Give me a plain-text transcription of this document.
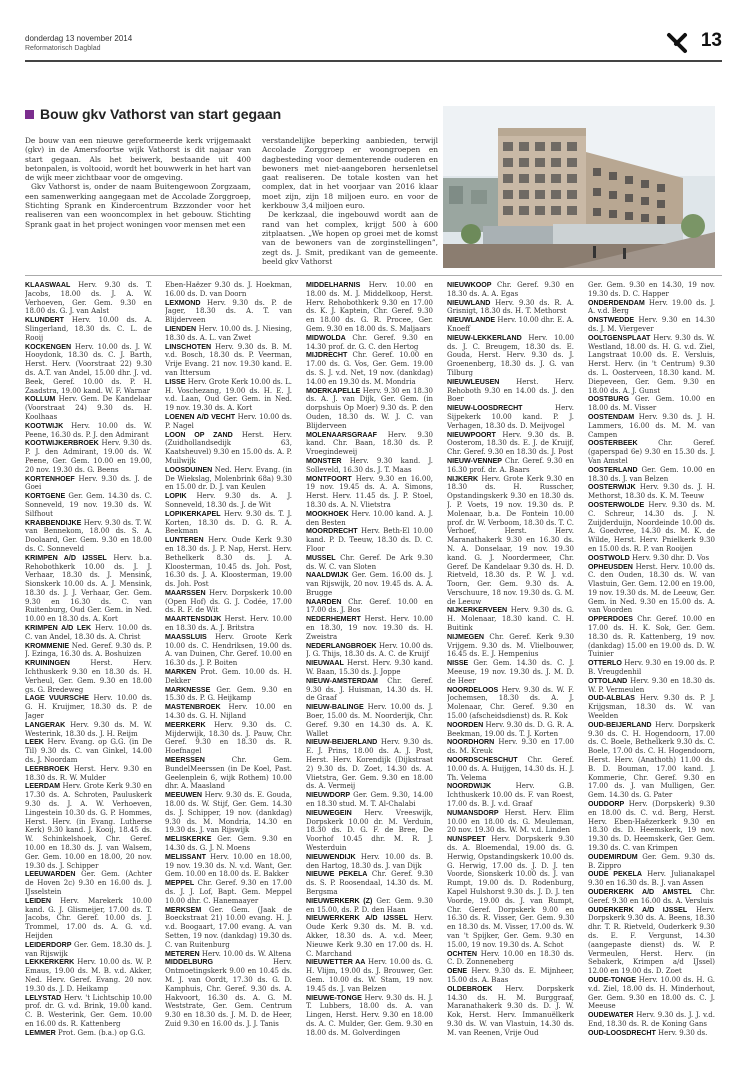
donderdag 13 november 2014
Reformatorisch Dagblad	13
Bouw gkv Vathorst van start gegaan

De bouw van een nieuwe gereformeerde kerk vrijgemaakt (gkv) in de Amersfoortse wijk Vathorst is dit najaar van start gegaan. Als het beiwerk, bestaande uit 400 betonpalen, is voltooid, wordt het bouwwerk in het hart van de wijk meer zichtbaar voor de omgeving.

Gkv Vathorst is, onder de naam Buitengewoon Zorgzaam, een samenwerking aangegaan met de Accolade Zorggroep, Stichting Sprank en Kindercentrum Bzzzonder voor het realiseren van een wooncomplex in het gebouw. Stichting Sprank gaat in het project woningen voor mensen met een

verstandelijke beperking aanbieden, terwijl Accolade Zorggroep er woongroepen en dagbesteding voor dementerende ouderen en bewoners met niet-aangeboren hersenletsel gaat realiseren. De totale kosten van het complex, dat in het voorjaar van 2016 klaar moet zijn, zijn 18 miljoen euro. en voor de kerkbouw 3,4 miljoen euro.

De kerkzaal, die ingebouwd wordt aan de rand van het complex, krijgt 500 à 600 zitplaatsen. „We hopen op groei met de komst van de bewoners van de zorginstellingen”, zegt ds. J. Smit, predikant van de gemeente. beeld gkv Vathorst

KLAASWAAL Herv. 9.30 ds. T. Jacobs, 18.00 ds. J. A. W. Verhoeven, Ger. Gem. 9.30 en 18.00 ds. G. J. van Aalst

KLUNDERT Herv. 10.00 ds. A. Slingerland, 18.30 ds. C. L. de Rooij

KOCKENGEN Herv. 10.00 ds. J. W. Hooydonk, 18.30 ds. C. J. Barth, Herst. Herv. (Voorstraat 22) 9.30 ds. A.T. van Andel, 15.00 dhr. J. vd. Beek, Geref. 10.00 ds. P. H. Zaadstra, 19.00 kand. W. F. Warnar

KOLLUM Herv. Gem. De Kandelaar (Voorstraat 24) 9.30 ds. H. Koolhaas

KOOTWIJK Herv. 10.00 ds. W. Peene, 16.30 ds. P. J. den Admirant

KOOTWIJKERBROEK Herv. 9.30 ds. P. J. den Admirant, 19.00 ds. W. Peene, Ger. Gem. 10.00 en 19.00, 20 nov. 19.30 ds. G. Beens

KORTENHOEF Herv. 9.30 ds. J. de Goei

KORTGENE Ger. Gem. 14.30 ds. C. Sonneveld, 19 nov. 19.30 ds. W. Silfhout

KRABBENDIJKE Herv. 9.30 ds. T. W. van Bennekom, 18.00 ds. S. A. Doolaard, Ger. Gem. 9.30 en 18.00 ds. C. Sonneveld

KRIMPEN A/D IJSSEL Herv. b.a. Rehobothkerk 10.00 ds. J. J. Verhaar, 18.30 ds. J. Mensink, Sionskerk 10.00 ds. A. J. Mensink, 18.30 ds. J. J. Verhaar, Ger. Gem. 9.30 en 16.30 ds. C. van Ruitenburg, Oud Ger. Gem. in Ned. 10.00 en 18.30 ds. A. Kort

KRIMPEN A/D LEK Herv. 10.00 ds. C. van Andel, 18.30 ds. A. Christ

KROMMENIE Ned. Geref. 9.30 ds. P. J. Ezinga, 16.30 ds. A. Boshuizen

KRUININGEN	Herst. Herv. Ichthuskerk 9.30 en 18.30 ds. H. Verheul, Ger. Gem. 9.30 en 18.00 gs. G. Bredeweg

LAGE VUURSCHE Herv. 10.00 ds. G. H. Kruijmer, 18.30 ds. P. de Jager

LANGERAK Herv. 9.30 ds. M. W. Westerink, 18.30 ds. J. H. Reijm

LEEK Herv. Evang. op G.G. (in De Til) 9.30 ds. C. van Ginkel, 14.00 ds. J. Noordam

LEERBROEK Herst. Herv. 9.30 en 18.30 ds. R. W. Mulder

LEERDAM Herv. Grote Kerk 9.30 en 17.30 ds. A. Schroten, Pauluskerk 9.30 ds. J. A. W. Verhoeven, Lingestein 10.30 ds. G. P. Hommes, Herst. Herv. (in Evang. Lutherse Kerk) 9.30 kand. J. Kooij, 18.45 ds. W. Schinkelshoek, Chr. Geref. 10.00 en 18.30 ds. J. van Walsem, Ger. Gem. 10.00 en 18.00, 20 nov. 19.30 ds. J. Schipper

LEEUWARDEN Ger. Gem. (Achter de Hoven 2c) 9.30 en 16.00 ds. J. IJsselstein

LEIDEN Herv. Marekerk 10.00 kand. G. J. Glismeijer, 17.00 ds. T. Jacobs, Chr. Geref. 10.00 ds. J. Trommel, 17.00 ds. A. G. v.d. Heijden

LEIDERDORP Ger. Gem. 18.30 ds. J. van Rijswijk

LEKKERKERK Herv. 10.00 ds. W. P. Emaus, 19.00 ds. M. B. v.d. Akker, Ned. Herv. Geref. Evang. 20 nov. 19.30 ds. J. D. Heikamp

LELYSTAD Herv. 't Lichtschip 10.00 prof. dr. G. v.d. Brink, 19.00 kand. C. B. Westerink, Ger. Gem. 10.00 en 16.00 ds. R. Kattenberg

LEMMER Prot. Gem. (b.a.) op G.G.

Eben-Haëzer 9.30 ds. J. Hoekman, 16.00 ds. D. van Doorn

LEXMOND Herv. 9.30 ds. P. de Jager, 18.30 ds. A. T. van Blijderveen

LIENDEN Herv. 10.00 ds. J. Niesing, 18.30 ds. A. L. van Zwet

LINSCHOTEN Herv. 9.30 ds. B. M. v.d. Bosch, 18.30 ds. P. Veerman, Vrije Evang. 21 nov. 19.30 kand. E. van Ittersum

LISSE Herv. Grote Kerk 10.00 ds. L. H. Voschezang, 19.00 ds. H. E. J. v.d. Laan, Oud Ger. Gem. in Ned. 19 nov. 19.30 ds. A. Kort

LOENEN A/D VECHT Herv. 10.00 ds. P. Nagel

LOON OP ZAND Herst. Herv. (Zuidhollandsedijk 63, Kaatsheuvel) 9.30 en 15.00 ds. A. P. Muilwijk

LOOSDUINEN Ned. Herv. Evang. (in De Wiekslag, Molenbrink 68a) 9.30 en 15.00 dr. D. J. van Keulen

LOPIK Herv. 9.30 ds. A. J. Sonneveld, 18.30 ds. J. de Wit

LOPIKERKAPEL Herv. 9.30 ds. T. J. Korten, 18.30 ds. D. G. R. A. Beekman

LUNTEREN Herv. Oude Kerk 9.30 en 18.30 ds. J. P. Nap, Herst. Herv. Bethelkerk 8.30 ds. J. A. Kloosterman, 10.45 ds. Joh. Post, 16.30 ds. J. A. Kloosterman, 19.00 ds. Joh. Post

MAARSSEN Herv. Dorpskerk 10.00 (Open Hof) ds. G. J. Codée, 17.00 ds. R. F. de Wit

MAARTENSDIJK Herst. Herv. 10.00 en 18.30 ds. A. J. Britstra

MAASSLUIS Herv. Groote Kerk 10.00 ds. C. Hendriksen, 19.00 ds. A. van Duinen, Chr. Geref. 10.00 en 16.30 ds. J. P. Boiten

MARKEN Prot. Gem. 10.00 ds. H. Dekker

MARKNESSE Ger. Gem. 9.30 en 15.30 ds. P. G. Heijkamp

MASTENBROEK Herv. 10.00 en 14.30 ds. G. H. Nijland

MEERKERK Herv. 9.30 ds. C. Mijderwijk, 18.30 ds. J. Pauw, Chr. Geref. 9.30 en 18.30 ds. R. Hoefnagel

MEERSSEN	Chr. Gem. BundelMeerssen (in De Koel, Past. Geelenplein 6, wijk Rothem) 10.00 dhr. A. Maasland

MEEUWEN Herv. 9.30 ds. E. Gouda, 18.00 ds. W. Stijf, Ger. Gem. 14.30 ds. J. Schipper, 19 nov. (dankdag) 9.30 ds. M. Mondria, 14.30 en 19.30 ds. J. van Rijswijk

MELISKERKE Ger. Gem. 9.30 en 14.30 ds. G. J. N. Moens

MELISSANT Herv. 10.00 en 18.00, 19 nov. 19.30 ds. N. v.d. Want, Ger. Gem. 10.00 en 18.00 ds. E. Bakker

MEPPEL Chr. Geref. 9.30 en 17.00 ds. J. J. Lof, Bapt. Gem. Meppel 10.00 dhr. C. Hanemaayer

MERKSEM Ger. Gem. (Jaak de Boeckstraat 21) 10.00 evang. H. J. v.d. Boogaart, 17.00 evang. A. van Setten, 19 nov. (dankdag) 19.30 ds. C. van Ruitenburg

METEREN Herv. 10.00 ds. W. Altena

MIDDELBURG	Herv. Ontmoetingskerk 9.00 en 10.45 ds. M. J. van Oordt, 17.30 ds. G. D. Kamphuis, Chr. Geref. 9.30 ds. A. Hakvoort, 16.30 ds. A. G. M. Weststrate, Ger. Gem. Centrum 9.30 en 18.30 ds. J. M. D. de Heer, Zuid 9.30 en 16.00 ds. J. J. Tanis

MIDDELHARNIS Herv. 10.00 en 18.00 ds. M. J. Middelkoop, Herst. Herv. Rehobothkerk 9.30 en 17.00 ds. K. J. Kaptein, Chr. Geref. 9.30 en 18.00 ds. G. R. Procee, Ger. Gem. 9.30 en 18.00 ds. S. Maljaars

MIDWOLDA Chr. Geref. 9.30 en 14.30 prof. dr. G. C. den Hertog

MIJDRECHT Chr. Geref. 10.00 en 17.00 ds. G. Vos, Ger. Gem. 19.00 ds. S. J. v.d. Net, 19 nov. (dankdag) 14.00 en 19.30 ds. M. Mondria

MOERKAPELLE Herv. 9.30 en 18.30 ds. A. J. van Dijk, Ger. Gem. (in dorpshuis Op Moer) 9.30 ds. P. den Ouden, 18.30 ds. W. J. C. van Blijderveen

MOLENAARSGRAAF Herv. 9.30 kand. Chr. Baan, 18.30 ds. P. Vroegindeweij

MONSTER Herv. 9.30 kand. J. Solleveld, 16.30 ds. J. T. Maas

MONTFOORT Herv. 9.30 en 16.00, 19 nov. 19.45 ds. A. A. Simons, Herst. Herv. 11.45 ds. J. P. Stoel, 18.30 ds. A. N. Vlietstra

MOOKHOEK Herv. 10.00 kand. A. J. den Besten

MOORDRECHT Herv. Beth-El 10.00 kand. P. D. Teeuw, 18.30 ds. D. C. Floor

MUSSEL Chr. Geref. De Ark 9.30 ds. W. C. van Sloten

NAALDWIJK Ger. Gem. 16.00 ds. J. van Rijswijk, 20 nov. 19.45 ds. A. A. Brugge

NAARDEN Chr. Geref. 10.00 en 17.00 ds. J. Bos

NEDERHEMERT Herst. Herv. 10.00 en 18.30, 19 nov. 19.30 ds. H. Zweistra

NEDERLANGBROEK Herv. 10.00 ds. J. G. Thijs, 18.30 ds. A. C. de Kruijf

NIEUWAAL Herst. Herv. 9.30 kand. W. Baan, 15.30 ds. J. Joppe

NIEUW-AMSTERDAM Chr. Geref. 9.30 ds. J. Huisman, 14.30 ds. H. de Graaf

NIEUW-BALINGE Herv. 10.00 ds. J. Boer, 15.00 ds. M. Noorderijk, Chr. Geref. 9.30 en 14.30 ds. A. K. Wallet

NIEUW-BEIJERLAND Herv. 9.30 ds. E. J. Prins, 18.00 ds. A. J. Post, Herst. Herv. Korendijk (Dijkstraat 2) 9.30 ds. D. Zoet, 14.30 ds. A. Vlietstra, Ger. Gem. 9.30 en 18.00 ds. A. Vermeij

NIEUWDORP Ger. Gem. 9.30, 14.00 en 18.30 stud. M. T. Al-Chalabi

NIEUWEGEIN Herv. Vreeswijk, Dorpskerk 10.00 dr. M. Verduin, 18.30 ds. D. G. F. de Bree, De Voorhof 10.45 dhr. M. R. J. Westerduin

NIEUWENDIJK Herv. 10.00 ds. B. den Hartog, 18.30 ds. J. van Dijk

NIEUWE PEKELA Chr. Geref. 9.30 ds. S. P. Roosendaal, 14.30 ds. M. Bergsma

NIEUWERKERK (Z) Ger. Gem. 9.30 en 15.00, ds. P. D. den Haan

NIEUWERKERK A/D IJSSEL Herv. Oude Kerk 9.30 ds. M. B. v.d. Akker, 18.30 ds. A. v.d. Meer, Nieuwe Kerk 9.30 en 17.00 ds. H. C. Marchand

NIEUWETTER AA Herv. 10.00 ds. G. H. Vlijm, 19.00 ds. J. Brouwer, Ger. Gem. 10.00 ds. W. Stam, 19 nov. 19.45 ds. J. van Belzen

NIEUWE-TONGE Herv. 9.30 ds. H. J. T. Lubbers, 18.00 ds. A. van Lingen, Herst. Herv. 9.30 en 18.00 ds. A. C. Mulder, Ger. Gem. 9.30 en 18.00 ds. M. Golverdingen

NIEUWKOOP Chr. Geref. 9.30 en 18.30 ds. A. A. Egas

NIEUWLAND Herv. 9.30 ds. R. A. Grisnigt, 18.30 ds. H. T. Methorst

NIEUWLANDE Herv. 10.00 dhr. E. A. Knoeff

NIEUW-LEKKERLAND Herv. 10.00 ds. J. C. Breugem, 18.30 ds. E. Gouda, Herst. Herv. 9.30 ds. J. Groenenberg, 18.30 ds. J. G. van Tilburg

NIEUWLEUSEN Herst. Herv. Rehoboth 9.30 en 14.00 ds. J. den Boer

NIEUW-LOOSDRECHT	Herv. Sijpekerk 10.00 kand. P. J. Verhagen, 18.30 ds. D. Meijvogel

NIEUWPOORT Herv. 9.30 ds. B. Oosterom, 18.30 ds. E. J. de Kruijf, Chr. Geref. 9.30 en 18.30 ds. J. Post

NIEUW-VENNEP Chr. Geref. 9.30 en 16.30 prof. dr. A. Baars

NIJKERK Herv. Grote Kerk 9.30 en 18.30 ds. H. Russcher, Opstandingskerk 9.30 en 18.30 ds. J. P. Voets, 19 nov. 19.30 ds. P. Molenaar, b.a. De Fontein 10.00 prof. dr. W. Verboom, 18.30 ds. T. C. Verhoef, Herst. Herv. Maranathakerk 9.30 en 16.30 ds. N. A. Donselaar, 19 nov. 19.30 kand. G. J. Noordermeer, Chr. Geref. De Kandelaar 9.30 ds. H. D. Rietveld, 18.30 ds. P. W. J. v.d. Toorn, Ger. Gem. 9.30 ds. A. Verschuure, 18 nov. 19.30 ds. G. M. de Leeuw

NIJKERKERVEEN Herv. 9.30 ds. G. H. Molenaar, 18.30 kand. C. H. Buitink

NIJMEGEN Chr. Geref. Kerk 9.30 Vrijgem. 9.30 ds. M. Vlielbouwer, 16.45 ds. E. J. Hempenius

NISSE Ger. Gem. 14.30 ds. C. J. Meeuse, 19 nov. 19.30 ds. J. M. D. de Heer

NOORDELOOS Herv. 9.30 ds. W. F. Jochemsen, 18.30 ds. A. J. Molenaar, Chr. Geref. 9.30 en 15.00 (afscheidsdienst) ds. R. Kok

NOORDEN Herv. 9.30 ds. D. G. R. A. Beekman, 19.00 ds. T. J. Korten

NOORDHORN Herv. 9.30 en 17.00 ds. M. Kreuk

NOORDSCHESCHUT Chr. Geref. 10.00 ds. A. Huijgen, 14.30 ds. H. J. Th. Velema

NOORDWIJK	Herv. G.B. Ichthuskerk 10.00 ds. F. van Roest, 17.00 ds. B. J. v.d. Graaf

NUMANSDORP Herst. Herv. Elim 10.00 en 18.00 ds. G. Meuleman, 20 nov. 19.30 ds. W. M. v.d. Linden

NUNSPEET Herv. Dorpskerk 9.30 ds. A. Bloemendal, 19.00 ds. G. Herwig, Opstandingskerk 10.00 ds. G. Herwig, 17.00 ds. J. D. J. ten Voorde, Sionskerk 10.00 ds. J. van Rumpt, 19.00 ds. D. Rodenburg, Kapel Hulshorst 9.30 ds. J. D. J. ten Voorde, 19.00 ds. J. van Rumpt, Chr. Geref. Dorpskerk 9.00 en 16.30 ds. R. Visser, Ger. Gem. 9.30 en 18.30 ds. M. Visser, 17.00 ds. W. van 't Spijker, Ger. Gem. 9.30 en 15.00, 19 nov. 19.30 ds. A. Schot

OCHTEN Herv. 10.00 en 18.30 ds. C. D. Zonneneberg

OENE Herv. 9.30 ds. E. Mijnheer, 15.00 ds. A. Baas

OLDEBROEK Herv. Dorpskerk 14.30 ds. H. M. Burggraaf, Maranathakerk 9.30 ds. D. J. W. Kok, Herst. Herv. Immanuëlkerk 9.30 ds. W. van Vlastuin, 14.30 ds. M. van Reenen, Vrije Oud

Ger. Gem. 9.30 en 14.30, 19 nov. 19.30 ds. D. C. Happer

ONDERDENDAM Herv. 19.00 ds. J. A. v.d. Berg

ONSTWEDDE Herv. 9.30 en 14.30 ds. J. M. Viergever

OOLTGENSPLAAT Herv. 9.30 ds. W. Westland, 18.00 ds. H. G. v.d. Ziel, Langstraat 10.00 ds. E. Versluis, Herst. Herv. (in 't Centrum) 9.30 ds. L. Oosterveen, 18.30 kand. M. Diepeveen, Ger. Gem. 9.30 en 18.00 ds. A. J. Gunst

OOSTBURG Ger. Gem. 10.00 en 18.00 ds. M. Visser

OOSTENDAM Herv. 9.30 ds. J. H. Lammers, 16.00 ds. M. M. van Campen

OOSTERBEEK	Chr. Geref. (gaperspad 6e) 9.30 en 15.30 ds. J. Van Amstel

OOSTERLAND Ger. Gem. 10.00 en 18.30 ds. J. van Belzen

OOSTERWIJK Herv. 9.30 ds. J. H. Methorst, 18.30 ds. K. M. Teeuw

OOSTERWOLDE Herv. 9.30 ds. M. C. Schreur, 14.30 ds. J. N. Zuijderduijn, Noordeinde 10.00 ds. A. Goedvree, 14.30 ds. M. K. de Wilde, Herst. Herv. Pnielkerk 9.30 en 15.00 ds. R. P. van Rooijen

OOSTWOLD Herv. 9.30 dhr. D. Vos

OPHEUSDEN Herst. Herv. 10.00 ds. C. den Ouden, 18.30 ds. W. van Vlastuin, Ger. Gem. 12.00 en 19.00, 19 nov. 19.30 ds. M. de Leeuw, Ger. Gem. in Ned. 9.30 en 15.00 ds. A. van Voorden

OPPERDOES Chr. Geref. 10.00 en 17.00 ds. H. K. Sok, Ger. Gem. 18.30 ds. R. Kattenberg, 19 nov. (dankdag) 15.00 en 19.00 ds. D. W. Tuinier

OTTERLO Herv. 9.30 en 19.00 ds. P. B. Vreugdenhil

OTTOLAND Herv. 9.30 en 18.30 ds. W. P. Vermeulen

OUD-ALBLAS Herv. 9.30 ds. P. J. Krijgsman, 18.30 ds. W. van Weelden

OUD-BEIJERLAND Herv. Dorpskerk 9.30 ds. C. H. Hogendoorn, 17.00 ds. C. Boele, Bethelkerk 9.30 ds. C. Boele, 17.00 ds. C. H. Hogendoorn, Herst. Herv. (Anathoth) 11.00 ds. B. D. Bouman, 17.00 kand. J. Kommerie, Chr. Geref. 9.30 en 17.00 ds. J. van Mulligen, Ger. Gem. 14.30 ds. G. Pater

OUDDORP Herv. (Dorpskerk) 9.30 en 18.00 ds. C. v.d. Berg, Herst. Herv. Eben-Haëzerkerk 9.30 en 18.30 ds. D. Heemskerk, 19 nov. 19.30 ds. D. Heemskerk, Ger. Gem. 19.30 ds. C. van Krimpen

OUDEMIRDUM Ger. Gem. 9.30 ds. B. Zippro

OUDE PEKELA Herv. Julianakapel 9.30 en 16.30 ds. B. J. van Assen

OUDERKERK A/D AMSTEL Chr. Geref. 9.30 en 16.00 ds. A. Versluis

OUDERKERK A/D IJSSEL Herv. Dorpskerk 9.30 ds. A. Beens, 18.30 dhr. T. R. Rietveld, Ouderkerk 9.30 ds. E. F. Vergunst, 14.30 (aangepaste dienst) ds. W. P. Vermeulen, Herst. Herv. (in Sebakerk, Krimpen a/d IJssel) 12.00 en 19.00 ds. D. Zoet

OUDE-TONGE Herv. 10.00 ds. H. G. v.d. Ziel, 18.00 ds. H. Minderhout, Ger. Gem. 9.30 en 18.00 ds. C. J. Meeuse

OUDEWATER Herv. 9.30 ds. J. J. v.d. End, 18.30 ds. R. de Koning Gans

OUD-LOOSDRECHT Herv. 9.30 ds.
